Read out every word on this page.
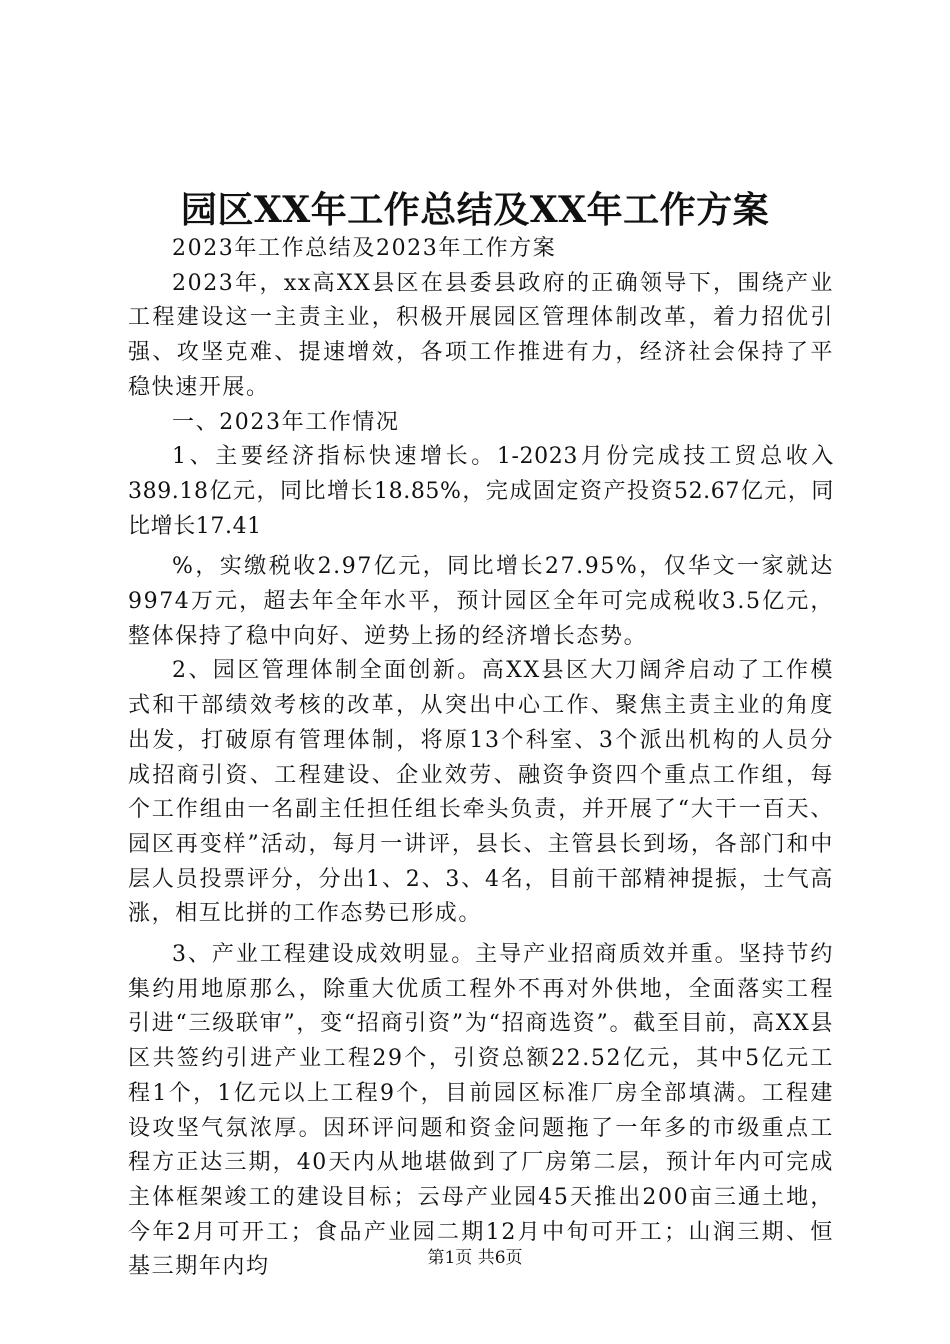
园区XX年工作总结及XX年工作方案

2023年工作总结及2023年工作方案

2023年，xx高XX县区在县委县政府的正确领导下，围绕产业工程建设这一主责主业，积极开展园区管理体制改革，着力招优引强、攻坚克难、提速增效，各项工作推进有力，经济社会保持了平稳快速开展。

一、2023年工作情况

1、主要经济指标快速增长。1-2023月份完成技工贸总收入389.18亿元，同比增长18.85%，完成固定资产投资52.67亿元，同比增长17.41

%，实缴税收2.97亿元，同比增长27.95%，仅华文一家就达9974万元，超去年全年水平，预计园区全年可完成税收3.5亿元，整体保持了稳中向好、逆势上扬的经济增长态势。

2、园区管理体制全面创新。高XX县区大刀阔斧启动了工作模式和干部绩效考核的改革，从突出中心工作、聚焦主责主业的角度出发，打破原有管理体制，将原13个科室、3个派出机构的人员分成招商引资、工程建设、企业效劳、融资争资四个重点工作组，每个工作组由一名副主任担任组长牵头负责，并开展了“大干一百天、园区再变样”活动，每月一讲评，县长、主管县长到场，各部门和中层人员投票评分，分出1、2、3、4名，目前干部精神提振，士气高涨，相互比拼的工作态势已形成。

3、产业工程建设成效明显。主导产业招商质效并重。坚持节约集约用地原那么，除重大优质工程外不再对外供地，全面落实工程引进“三级联审”，变“招商引资”为“招商选资”。截至目前，高XX县区共签约引进产业工程29个，引资总额22.52亿元，其中5亿元工程1个，1亿元以上工程9个，目前园区标准厂房全部填满。工程建设攻坚气氛浓厚。因环评问题和资金问题拖了一年多的市级重点工程方正达三期，40天内从地堪做到了厂房第二层，预计年内可完成主体框架竣工的建设目标；云母产业园45天推出200亩三通土地，今年2月可开工；食品产业园二期12月中旬可开工；山润三期、恒基三期年内均	第1页 共6页
